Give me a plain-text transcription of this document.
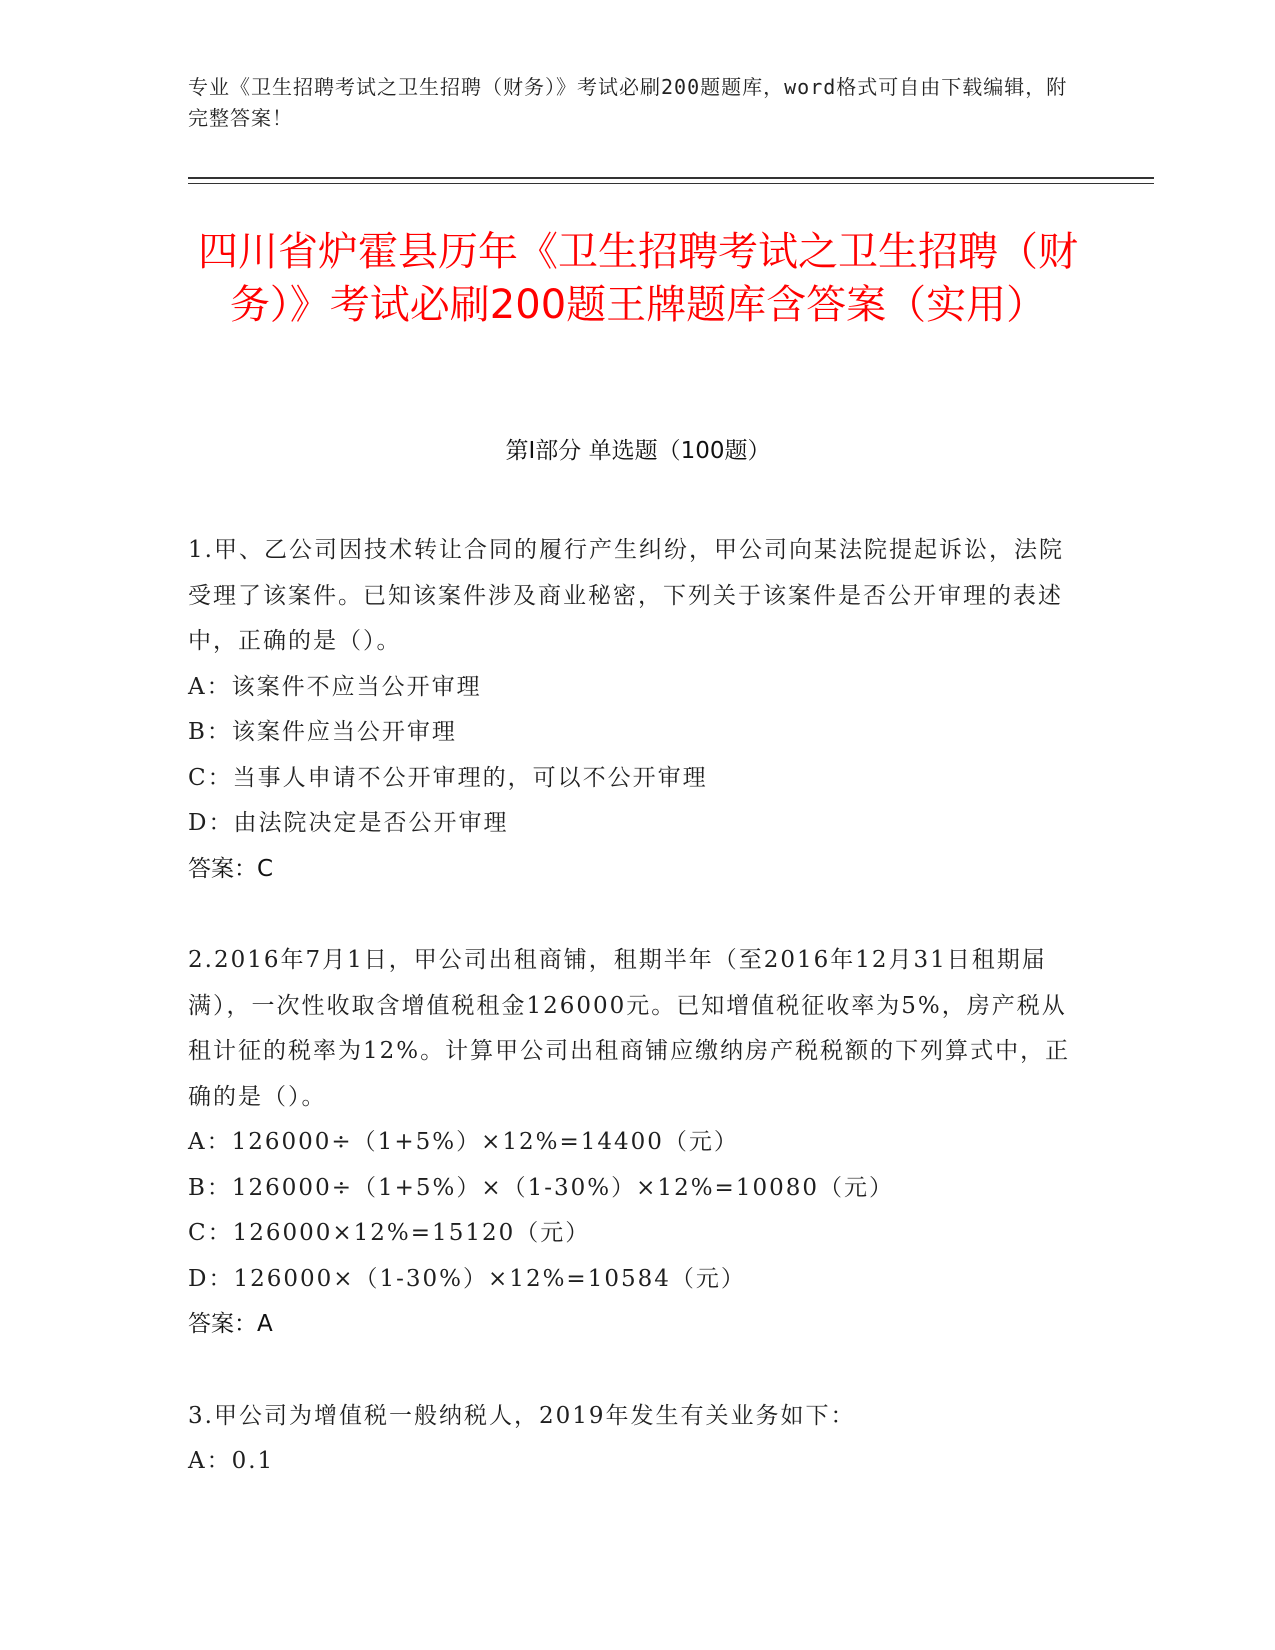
专业《卫生招聘考试之卫生招聘（财务）》考试必刷200题题库，word格式可自由下载编辑，附完整答案！
四川省炉霍县历年《卫生招聘考试之卫生招聘（财务）》考试必刷200题王牌题库含答案（实用）
第I部分 单选题（100题）

1.甲、乙公司因技术转让合同的履行产生纠纷，甲公司向某法院提起诉讼，法院受理了该案件。已知该案件涉及商业秘密，下列关于该案件是否公开审理的表述中，正确的是（）。

A：该案件不应当公开审理

B：该案件应当公开审理

C：当事人申请不公开审理的，可以不公开审理

D：由法院决定是否公开审理

答案：C

2.2016年7月1日，甲公司出租商铺，租期半年（至2016年12月31日租期届满），一次性收取含增值税租金126000元。已知增值税征收率为5%，房产税从租计征的税率为12%。计算甲公司出租商铺应缴纳房产税税额的下列算式中，正确的是（）。

A：126000÷（1+5%）×12%=14400（元）

B：126000÷（1+5%）×（1-30%）×12%=10080（元）

C：126000×12%=15120（元）

D：126000×（1-30%）×12%=10584（元）

答案：A

3.甲公司为增值税一般纳税人，2019年发生有关业务如下：

A：0.1
